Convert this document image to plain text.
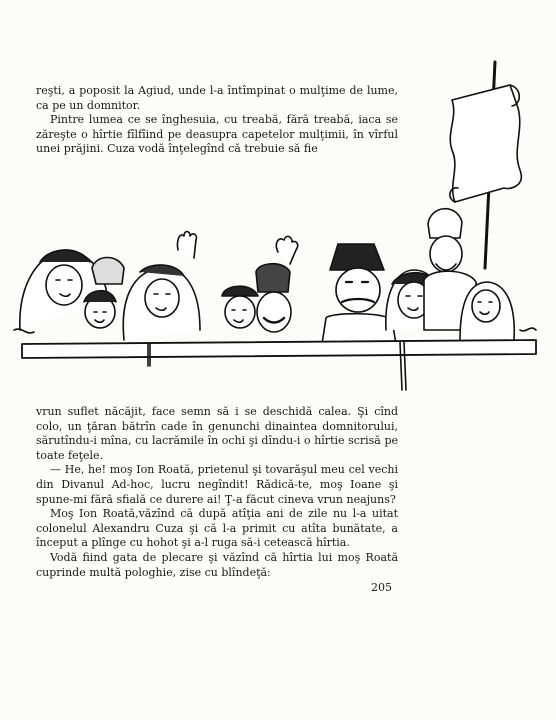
reşti, a poposit la Agiud, unde l-a întîmpinat o mulţime de lume, ca pe un domnitor.

Pintre lumea ce se înghesuia, cu treabă, fără treabă, iaca se zăreşte o hîrtie fîlfîind pe deasupra capetelor mulţimii, în vîrful unei prăjini. Cuza vodă înţelegînd că trebuie să fie

vrun suflet năcăjit, face semn să i se deschidă calea. Şi cînd colo, un ţăran bătrîn cade în genunchi dinaintea domnitorului, sărutîndu-i mîna, cu lacrămile în ochi şi dîndu-i o hîrtie scrisă pe toate feţele.

— He, he! moş Ion Roată, prietenul şi tovarăşul meu cel vechi din Divanul Ad-hoc, lucru negîndit! Rădică-te, moş Ioane şi spune-mi fără sfială ce durere ai! Ţ-a făcut cineva vrun neajuns?

Moş Ion Roată,văzînd că după atîţia ani de zile nu l-a uitat colonelul Alexandru Cuza şi că l-a primit cu atîta bunătate, a început a plînge cu hohot şi a-l ruga să-i cetească hîrtia.

Vodă fiind gata de plecare şi văzînd că hîrtia lui moş Roată cuprinde multă pologhie, zise cu blîndeţă:

205
